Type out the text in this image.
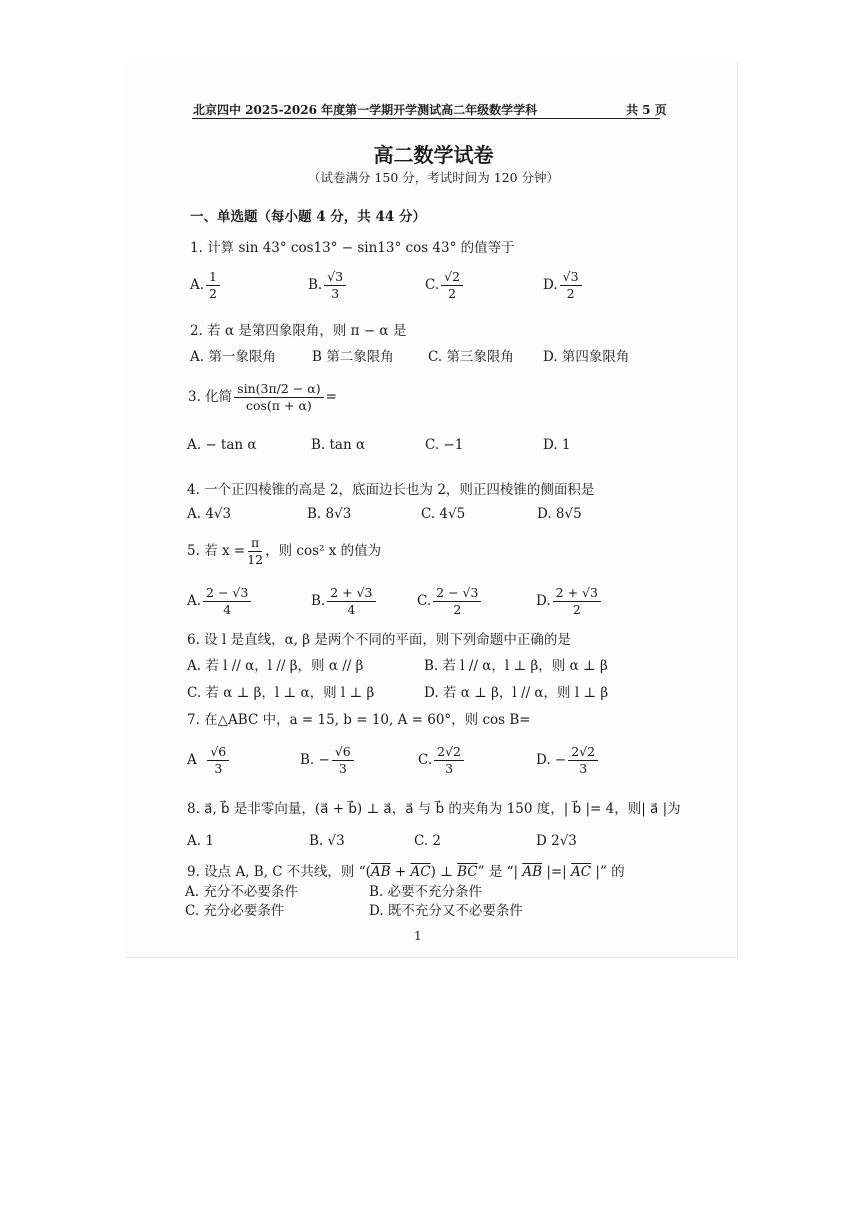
北京四中 2025-2026 年度第一学期开学测试高二年级数学学科	共 5 页
高二数学试卷
（试卷满分 150 分，考试时间为 120 分钟）
一、单选题（每小题 4 分，共 44 分）
1. 计算 sin 43° cos13° − sin13° cos 43° 的值等于
A. $\frac{1}{2}$	B. $\frac{√3}{3}$	C. $\frac{√2}{2}$	D. $\frac{√3}{2}$
2. 若 α 是第四象限角，则 π − α 是
A. 第一象限角	B 第二象限角	C. 第三象限角 D. 第四象限角
3. 化简 $\frac{\sin(3\pi/2 - \alpha)}{\cos(\pi + \alpha)}$ =
A. − tan α	B. tan α	C. −1	D. 1
4. 一个正四棱锥的高是 2，底面边长也为 2，则正四棱锥的侧面积是
A. 4√3	B. 8√3	C. 4√5	D. 8√5
5. 若 $x = \frac{\pi}{12}$ ，则 cos² x 的值为
A. $\frac{2 - √3}{4}$	B. $\frac{2 + √3}{4}$	C. $\frac{2 - √3}{2}$	D. $\frac{2 + √3}{2}$
6. 设 l 是直线，α, β 是两个不同的平面，则下列命题中正确的是
A. 若 l // α，l // β，则 α // β	B. 若 l // α，l ⊥ β，则 α ⊥ β
C. 若 α ⊥ β，l ⊥ α，则 l ⊥ β	D. 若 α ⊥ β，l // α，则 l ⊥ β
7. 在△ABC 中，a = 15, b = 10, A = 60°，则 cos B=
A $\frac{√6}{3}$	B. − $\frac{√6}{3}$	C. $\frac{2√2}{3}$	D. − $\frac{2√2}{3}$
8. a⃗, b⃗ 是非零向量，(a⃗ + b⃗) ⊥ a⃗，a⃗ 与 b⃗ 的夹角为 150 度，| b⃗ |= 4，则| a⃗ |为
A. 1	B. √3	C. 2	D 2√3
9. 设点 A, B, C 不共线，则 “$(\overline{AB} + \overline{AC})$ ⊥ $\overline{BC}$” 是 “| $\overline{AB}$ |=| $\overline{AC}$ |” 的
A. 充分不必要条件	B. 必要不充分条件
C. 充分必要条件	D. 既不充分又不必要条件
1
